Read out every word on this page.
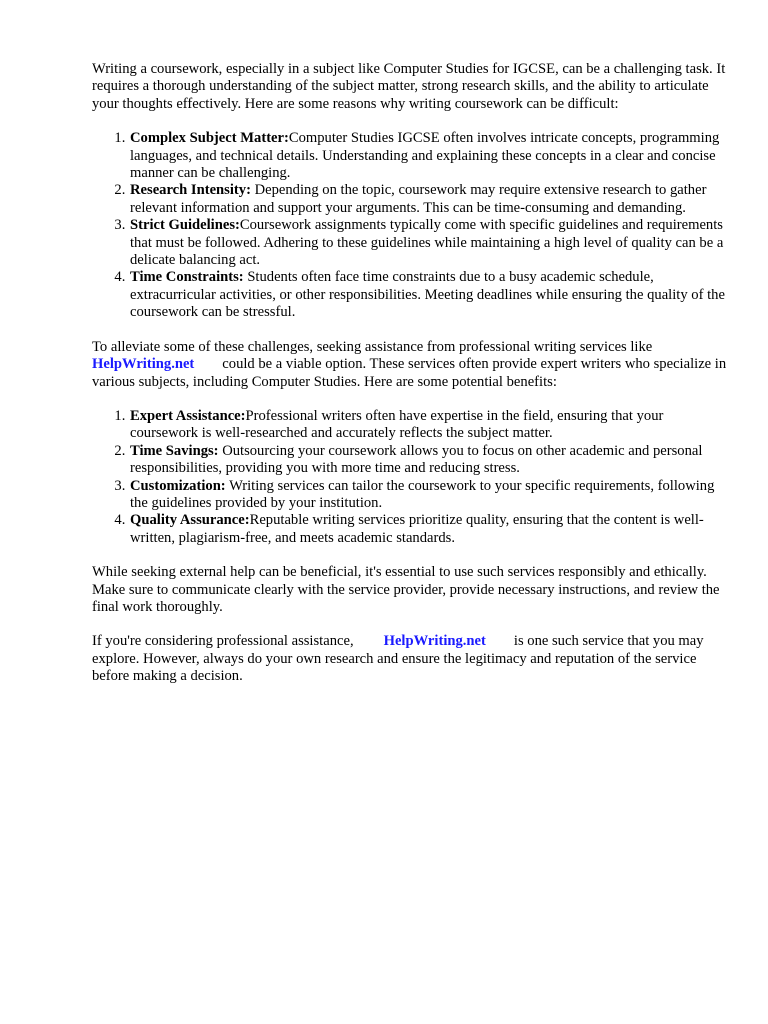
Writing a coursework, especially in a subject like Computer Studies for IGCSE, can be a challenging task. It requires a thorough understanding of the subject matter, strong research skills, and the ability to articulate your thoughts effectively. Here are some reasons why writing coursework can be difficult:

1. Complex Subject Matter:Computer Studies IGCSE often involves intricate concepts, programming languages, and technical details. Understanding and explaining these concepts in a clear and concise manner can be challenging.
2. Research Intensity: Depending on the topic, coursework may require extensive research to gather relevant information and support your arguments. This can be time-consuming and demanding.
3. Strict Guidelines:Coursework assignments typically come with specific guidelines and requirements that must be followed. Adhering to these guidelines while maintaining a high level of quality can be a delicate balancing act.
4. Time Constraints: Students often face time constraints due to a busy academic schedule, extracurricular activities, or other responsibilities. Meeting deadlines while ensuring the quality of the coursework can be stressful.

To alleviate some of these challenges, seeking assistance from professional writing services like
HelpWriting.net could be a viable option. These services often provide expert writers who specialize in various subjects, including Computer Studies. Here are some potential benefits:

1. Expert Assistance:Professional writers often have expertise in the field, ensuring that your coursework is well-researched and accurately reflects the subject matter.
2. Time Savings: Outsourcing your coursework allows you to focus on other academic and personal responsibilities, providing you with more time and reducing stress.
3. Customization: Writing services can tailor the coursework to your specific requirements, following the guidelines provided by your institution.
4. Quality Assurance:Reputable writing services prioritize quality, ensuring that the content is well-written, plagiarism-free, and meets academic standards.

While seeking external help can be beneficial, it's essential to use such services responsibly and ethically. Make sure to communicate clearly with the service provider, provide necessary instructions, and review the final work thoroughly.

If you're considering professional assistance, HelpWriting.net is one such service that you may explore. However, always do your own research and ensure the legitimacy and reputation of the service before making a decision.
